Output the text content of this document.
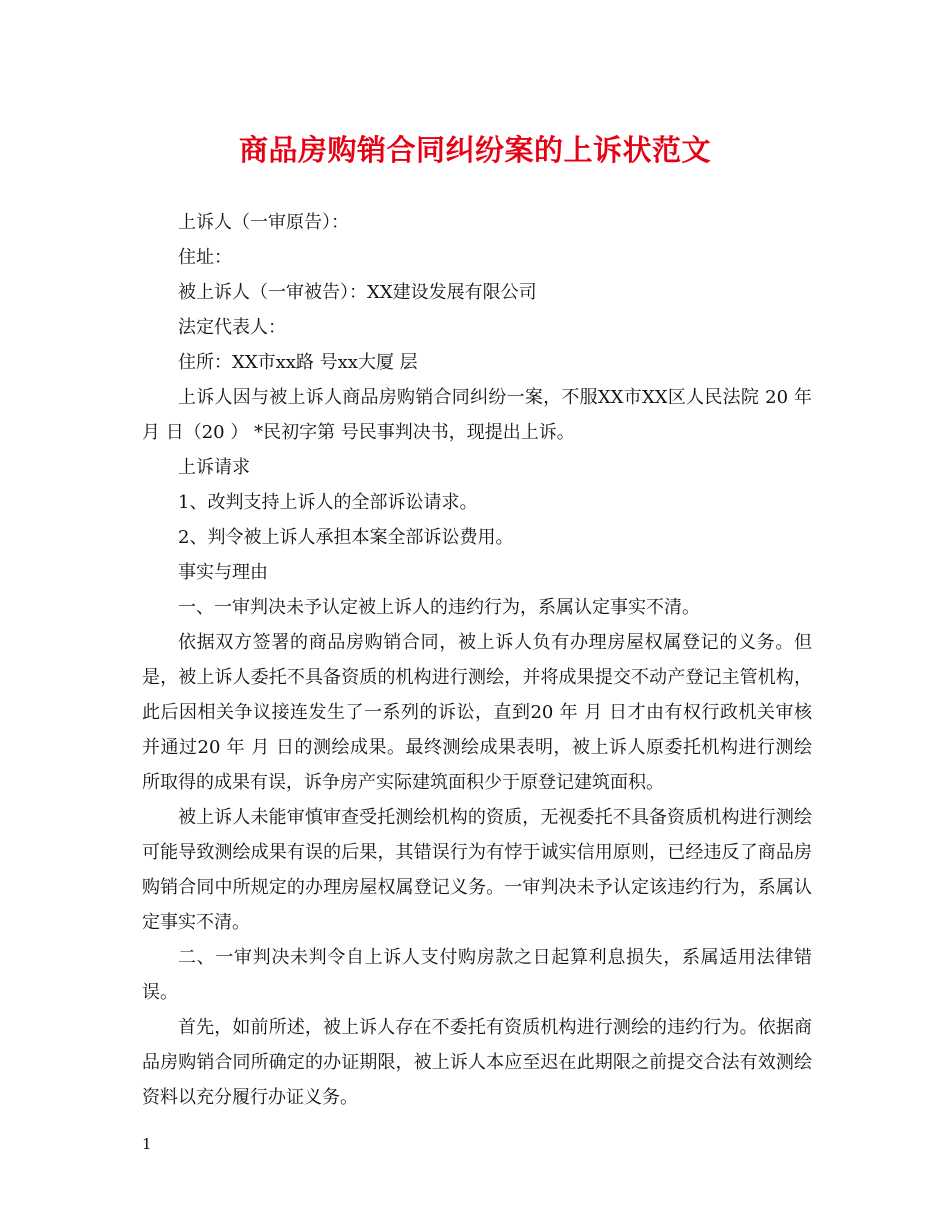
商品房购销合同纠纷案的上诉状范文

上诉人（一审原告）：

住址：

被上诉人（一审被告）：XX建设发展有限公司

法定代表人：

住所：XX市xx路 号xx大厦 层

上诉人因与被上诉人商品房购销合同纠纷一案，不服XX市XX区人民法院 20 年 月 日（20 ） *民初字第 号民事判决书，现提出上诉。

上诉请求

1、改判支持上诉人的全部诉讼请求。

2、判令被上诉人承担本案全部诉讼费用。

事实与理由

一、一审判决未予认定被上诉人的违约行为，系属认定事实不清。

依据双方签署的商品房购销合同，被上诉人负有办理房屋权属登记的义务。但是，被上诉人委托不具备资质的机构进行测绘，并将成果提交不动产登记主管机构，此后因相关争议接连发生了一系列的诉讼，直到20 年 月 日才由有权行政机关审核并通过20 年 月 日的测绘成果。最终测绘成果表明，被上诉人原委托机构进行测绘所取得的成果有误，诉争房产实际建筑面积少于原登记建筑面积。

被上诉人未能审慎审查受托测绘机构的资质，无视委托不具备资质机构进行测绘可能导致测绘成果有误的后果，其错误行为有悖于诚实信用原则，已经违反了商品房购销合同中所规定的办理房屋权属登记义务。一审判决未予认定该违约行为，系属认定事实不清。

二、一审判决未判令自上诉人支付购房款之日起算利息损失，系属适用法律错误。

首先，如前所述，被上诉人存在不委托有资质机构进行测绘的违约行为。依据商品房购销合同所确定的办证期限，被上诉人本应至迟在此期限之前提交合法有效测绘资料以充分履行办证义务。

1
